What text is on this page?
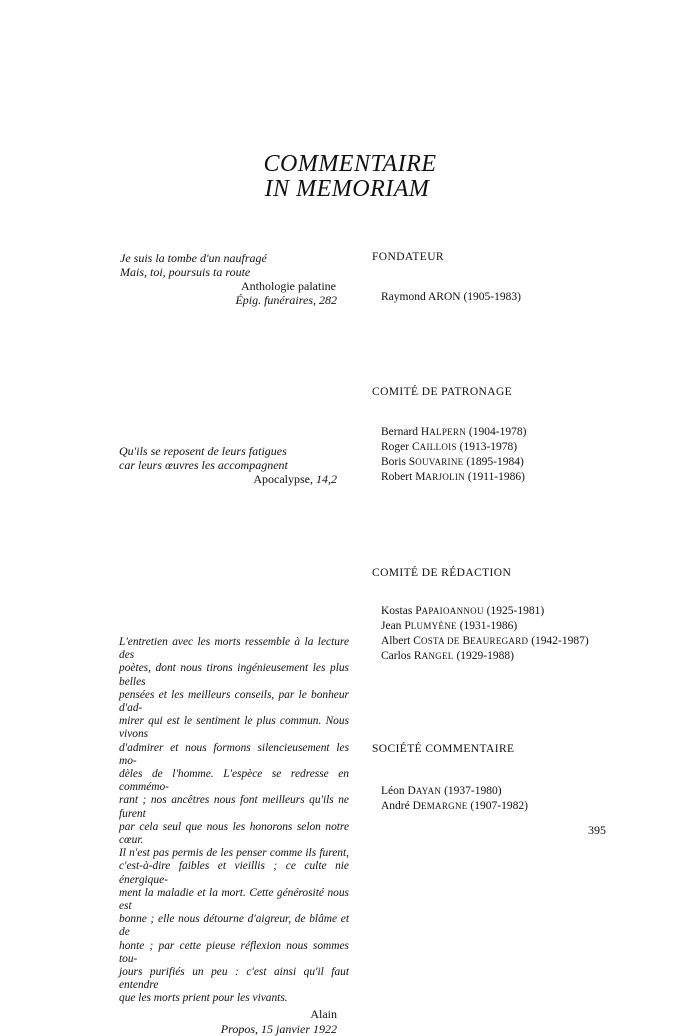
COMMENTAIRE
IN MEMORIAM
Je suis la tombe d'un naufragé
Mais, toi, poursuis ta route
Anthologie palatine
Épig. funéraires, 282
Qu'ils se reposent de leurs fatigues
car leurs œuvres les accompagnent
Apocalypse, 14,2
L'entretien avec les morts ressemble à la lecture des
poètes, dont nous tirons ingénieusement les plus belles
pensées et les meilleurs conseils, par le bonheur d'ad-
mirer qui est le sentiment le plus commun. Nous vivons
d'admirer et nous formons silencieusement les mo-
dèles de l'homme. L'espèce se redresse en commémo-
rant ; nos ancêtres nous font meilleurs qu'ils ne furent
par cela seul que nous les honorons selon notre cœur.
Il n'est pas permis de les penser comme ils furent,
c'est-à-dire faibles et vieillis ; ce culte nie énergique-
ment la maladie et la mort. Cette générosité nous est
bonne ; elle nous détourne d'aigreur, de blâme et de
honte ; par cette pieuse réflexion nous sommes tou-
jours purifiés un peu : c'est ainsi qu'il faut entendre
que les morts prient pour les vivants.
Alain
Propos, 15 janvier 1922
FONDATEUR
Raymond ARON (1905-1983)
COMITÉ DE PATRONAGE
Bernard HALPERN (1904-1978)
Roger CAILLOIS (1913-1978)
Boris SOUVARINE (1895-1984)
Robert MARJOLIN (1911-1986)
COMITÉ DE RÉDACTION
Kostas PAPAIOANNOU (1925-1981)
Jean PLUMYÈNE (1931-1986)
Albert COSTA DE BEAUREGARD (1942-1987)
Carlos RANGEL (1929-1988)
SOCIÉTÉ COMMENTAIRE
Léon DAYAN (1937-1980)
André DEMARGNE (1907-1982)
395
